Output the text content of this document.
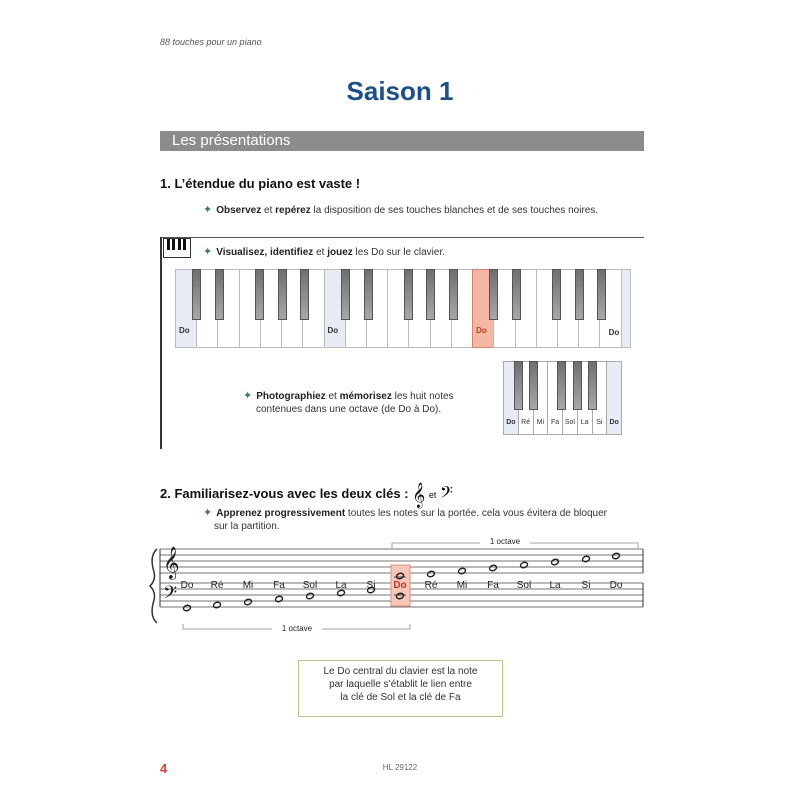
88 touches pour un piano
Saison 1
Les présentations
1. L’étendue du piano est vaste !
✦ Observez et repérez la disposition de ses touches blanches et de ses touches noires.
✦ Visualisez, identifiez et jouez les Do sur le clavier.
Do	Do	Do	Do
✦ Photographiez et mémorisez les huit notes
contenues dans une octave (de Do à Do).
Do Ré Mi Fa Sol La	Si Do
2. Familiarisez-vous avec les deux clés : 𝄞 et 𝄢
✦ Apprenez progressivement toutes les notes sur la portée. cela vous évitera de bloquer
sur la partition.
𝄞
𝄢 Do	Ré	Mi	Fa	Sol	La	Si	Do	Ré	Mi	Fa	Sol	La	Si	Do
1 octave
1 octave
Le Do central du clavier est la note
par laquelle s’établit le lien entre
la clé de Sol et la clé de Fa
4	HL 29122
